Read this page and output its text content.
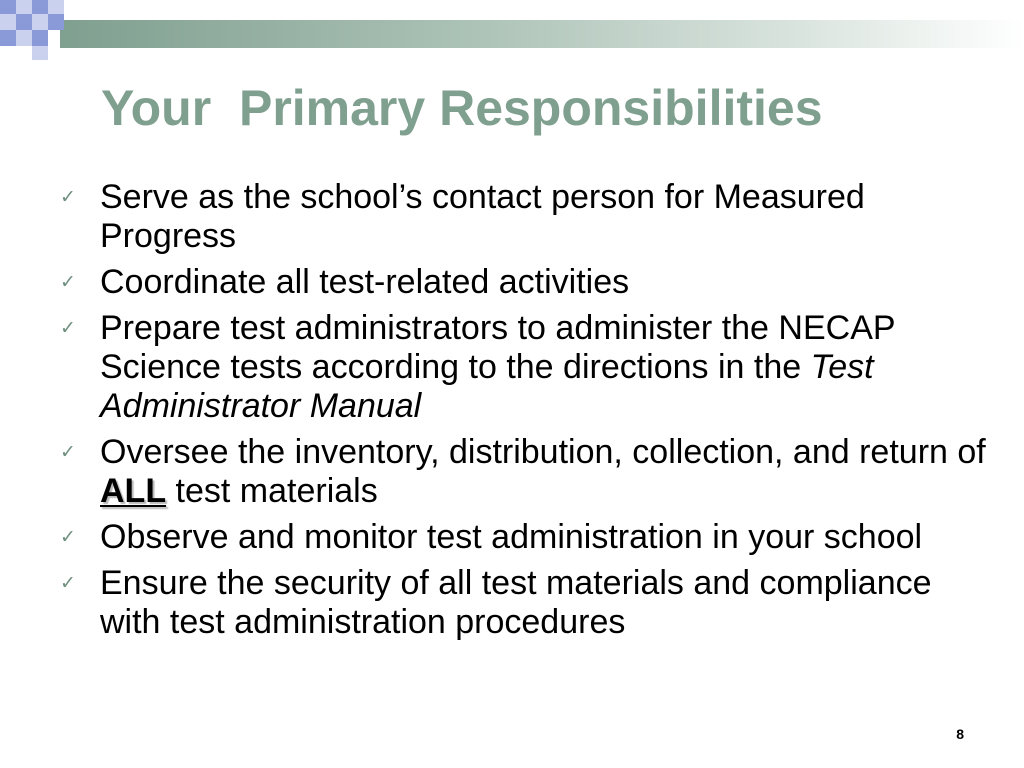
Your  Primary Responsibilities
✓ Serve as the school’s contact person for Measured Progress
✓ Coordinate all test-related activities
✓ Prepare test administrators to administer the NECAP Science tests according to the directions in the Test Administrator Manual
✓ Oversee the inventory, distribution, collection, and return of ALL test materials
✓ Observe and monitor test administration in your school
✓ Ensure the security of all test materials and compliance with test administration procedures
8
